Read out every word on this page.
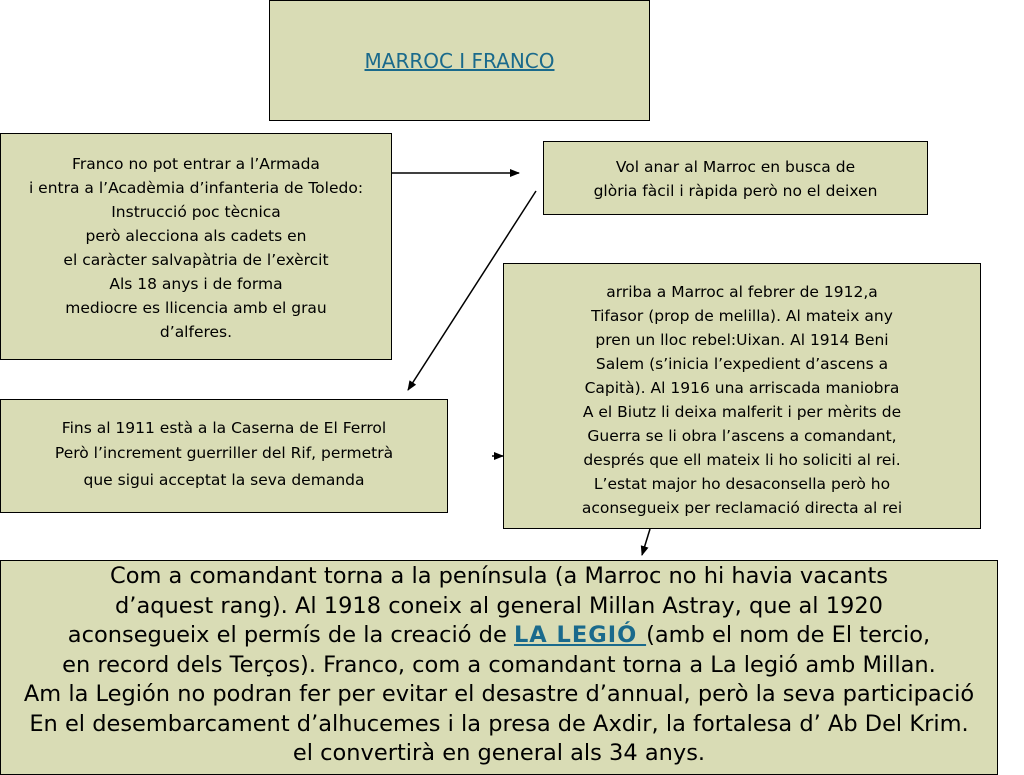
MARROC I FRANCO
Franco no pot entrar a l’Armada
i entra a l’Acadèmia d’infanteria de Toledo:
Instrucció poc tècnica
però alecciona als cadets en
el caràcter salvapàtria de l’exèrcit
Als 18 anys i de forma
mediocre es llicencia amb el grau
d’alferes.
Vol anar al Marroc en busca de
glòria fàcil i ràpida però no el deixen
arriba a Marroc al febrer de 1912,a
Tifasor (prop de melilla). Al mateix any
pren un lloc rebel:Uixan. Al 1914 Beni
Salem (s’inicia l’expedient d’ascens a
Capità). Al 1916 una arriscada maniobra
A el Biutz li deixa malferit i per mèrits de
Guerra se li obra l’ascens a comandant,
després que ell mateix li ho soliciti al rei.
L’estat major ho desaconsella però ho
aconsegueix per reclamació directa al rei
Fins al 1911 està a la Caserna de El Ferrol
Però l’increment guerriller del Rif, permetrà
que sigui acceptat la seva demanda
Com a comandant torna a la península (a Marroc no hi havia vacants
d’aquest rang). Al 1918 coneix al general Millan Astray, que al 1920
aconsegueix el permís de la creació de LA LEGIÓ (amb el nom de El tercio,
en record dels Terços). Franco, com a comandant torna a La legió amb Millan.
Am la Legión no podran fer per evitar el desastre d’annual, però la seva participació
En el desembarcament d’alhucemes i la presa de Axdir, la fortalesa d’ Ab Del Krim.
el convertirà en general als 34 anys.
